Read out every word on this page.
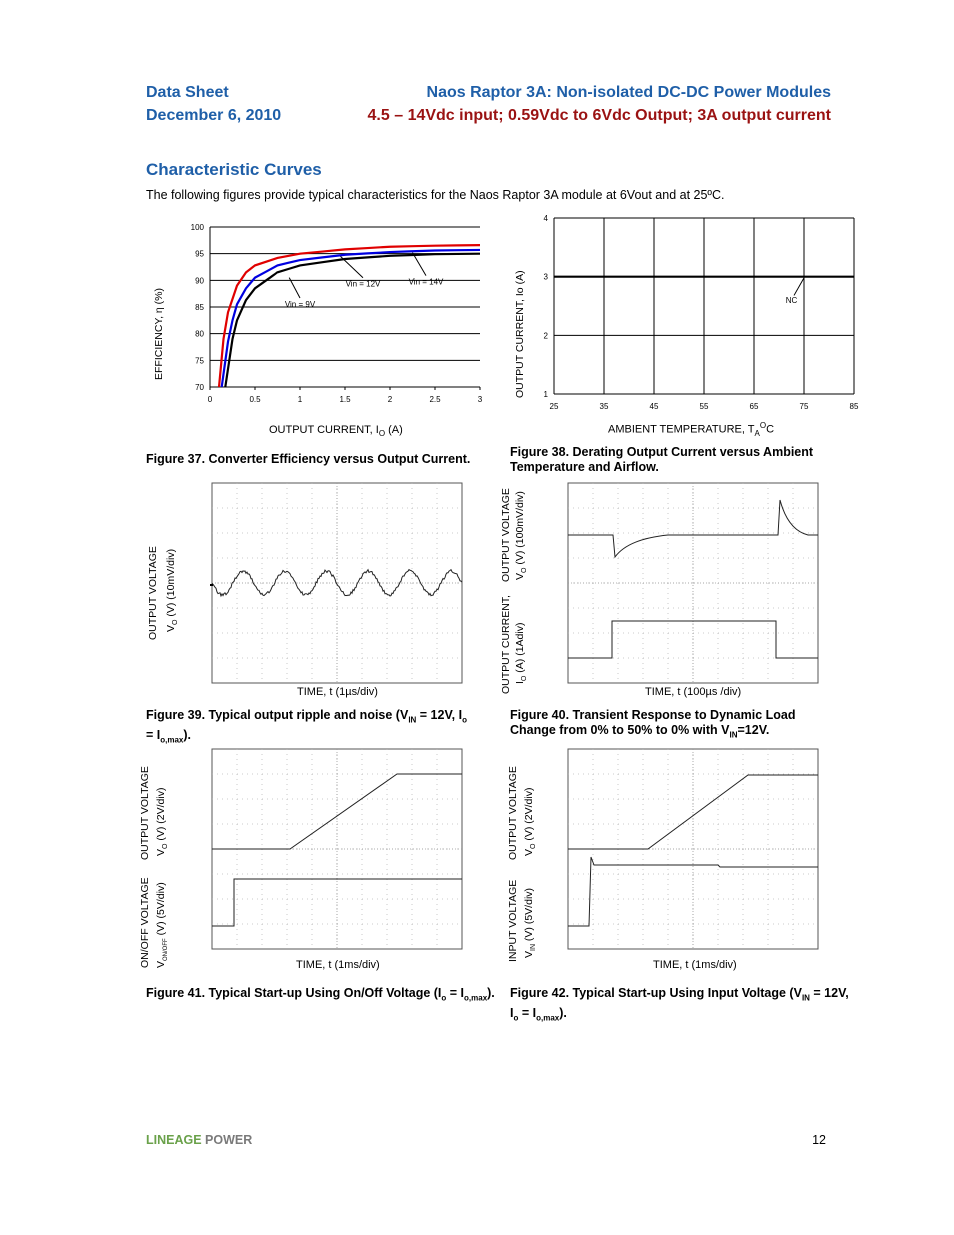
Data Sheet	Naos Raptor 3A: Non-isolated DC-DC Power Modules
December 6, 2010	4.5 – 14Vdc input; 0.59Vdc to 6Vdc Output; 3A output current
Characteristic Curves
The following figures provide typical characteristics for the Naos Raptor 3A module at 6Vout and at 25ºC.
70
75
80
85
90
95
100
0	0.5	1	1.5	2	2.5	3
Vin = 9V
Vin = 12V	Vin = 14V
EFFICIENCY, η (%)
OUTPUT CURRENT, $I_O$ (A)
Figure 37. Converter Efficiency versus Output Current.
1
2
3
4
25	35	45	55	65	75	85
NC
OUTPUT CURRENT, Io (A)
AMBIENT TEMPERATURE, $T_A^OC$
Figure 38. Derating Output Current versus Ambient Temperature and Airflow.
OUTPUT VOLTAGE $V_O$ (V) (10mV/div)
TIME, t (1µs/div)
Figure 39. Typical output ripple and noise ($V_{IN} = 12V$, $I_o$
= $I_{o,max}$).
OUTPUT VOLTAGE $V_O$ (V) (100mV/div)
OUTPUT CURRENT, $I_O$ (A) (1Adiv)
TIME, t (100µs /div)
Figure 40. Transient Response to Dynamic Load
Change from 0% to 50% to 0% with $V_{IN}=12V$.
OUTPUT VOLTAGE $V_O$ (V) (2V/div)
ON/OFF VOLTAGE $V_{ON/OFF}$ (V) (5V/div)
TIME, t (1ms/div)
Figure 41. Typical Start-up Using On/Off Voltage $(I_o = I_{o,max})$.
OUTPUT VOLTAGE $V_O$ (V) (2V/div)
INPUT VOLTAGE $V_{IN}$ (V) (5V/div)
TIME, t (1ms/div)
Figure 42. Typical Start-up Using Input Voltage ($V_{IN} = 12V$, $I_o = I_{o,max}$).
LINEAGE POWER	12
